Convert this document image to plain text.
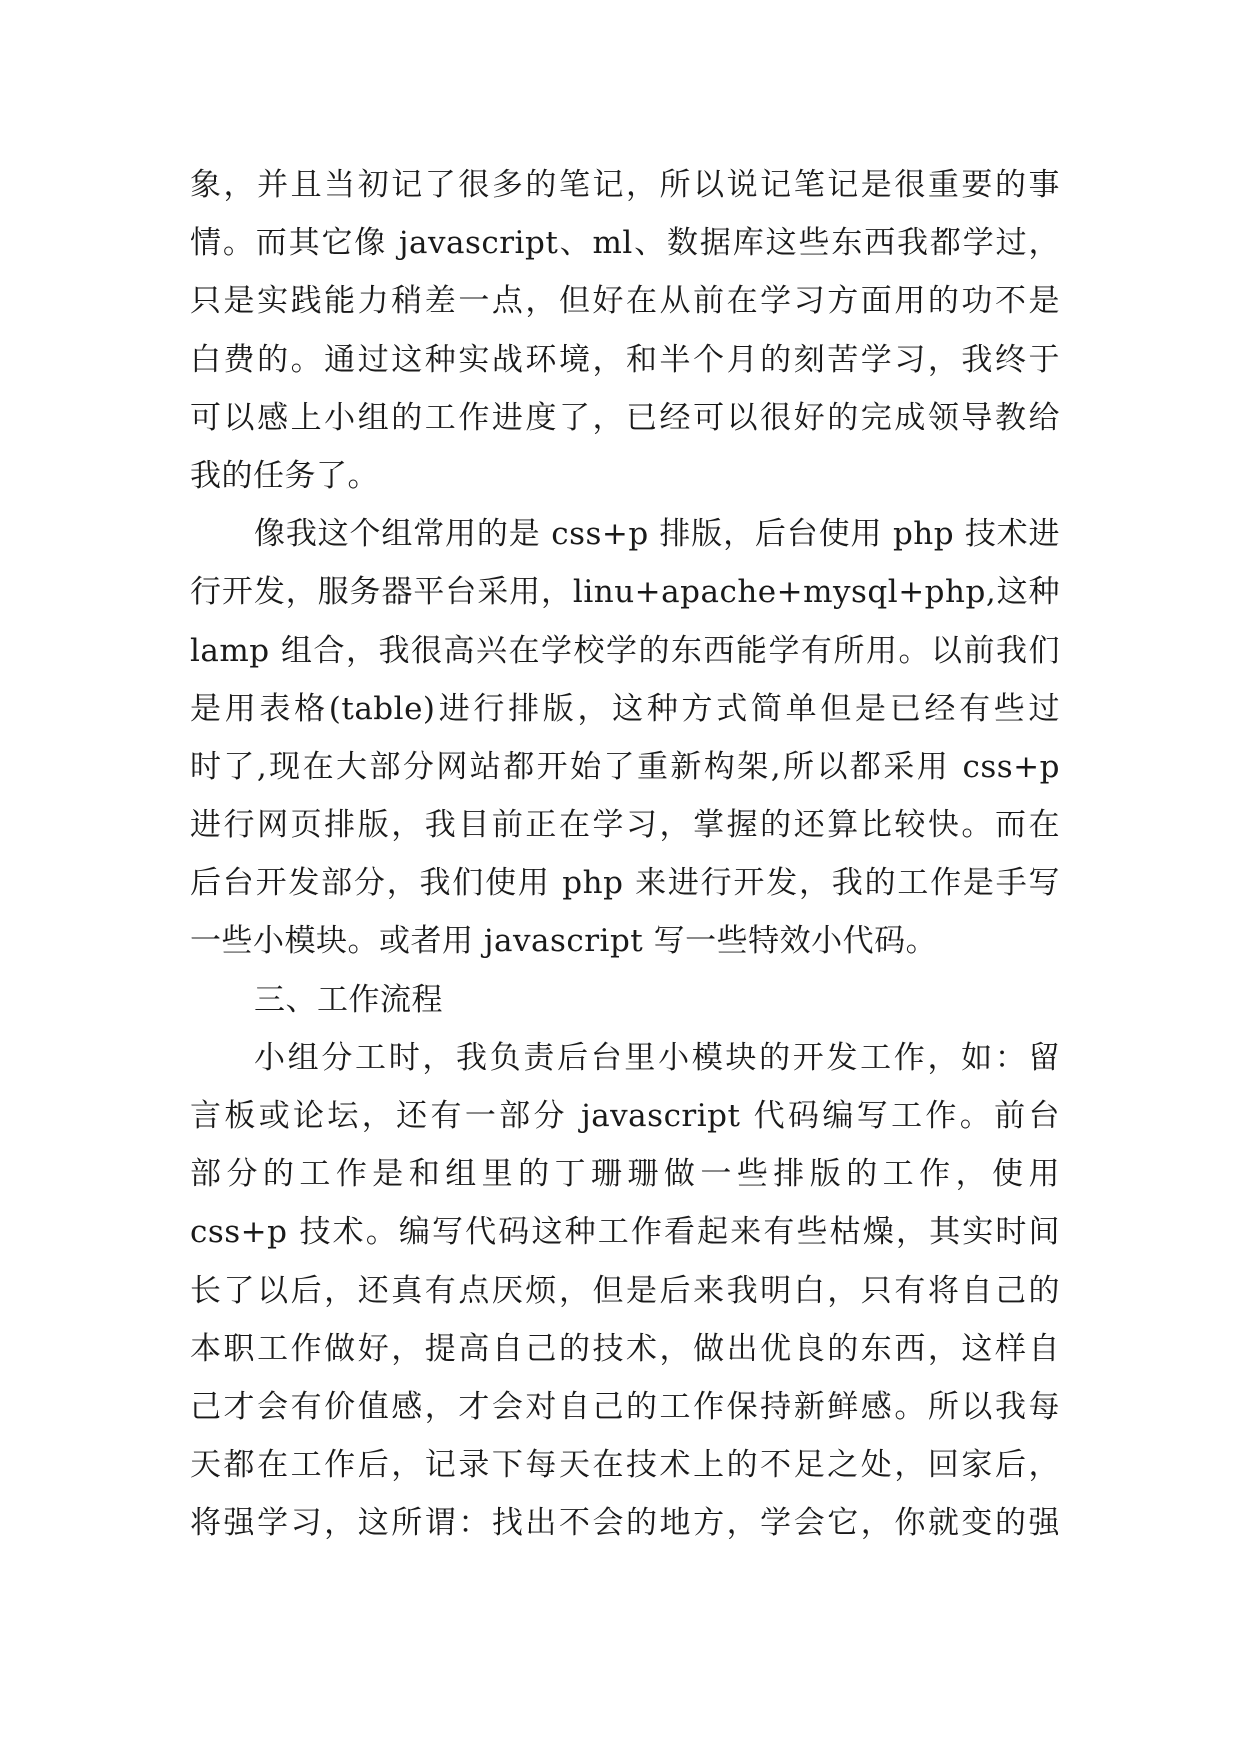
象，并且当初记了很多的笔记，所以说记笔记是很重要的事
情。而其它像 javascript、ml、数据库这些东西我都学过，
只是实践能力稍差一点，但好在从前在学习方面用的功不是
白费的。通过这种实战环境，和半个月的刻苦学习，我终于
可以感上小组的工作进度了，已经可以很好的完成领导教给
我的任务了。
像我这个组常用的是 css+p 排版，后台使用 php 技术进
行开发，服务器平台采用，linu+apache+mysql+php,这种
lamp 组合，我很高兴在学校学的东西能学有所用。以前我们
是用表格(table)进行排版，这种方式简单但是已经有些过
时了,现在大部分网站都开始了重新构架,所以都采用 css+p
进行网页排版，我目前正在学习，掌握的还算比较快。而在
后台开发部分，我们使用 php 来进行开发，我的工作是手写
一些小模块。或者用 javascript 写一些特效小代码。
三、工作流程
小组分工时，我负责后台里小模块的开发工作，如：留
言板或论坛，还有一部分 javascript 代码编写工作。前台
部分的工作是和组里的丁珊珊做一些排版的工作，使用
css+p 技术。编写代码这种工作看起来有些枯燥，其实时间
长了以后，还真有点厌烦，但是后来我明白，只有将自己的
本职工作做好，提高自己的技术，做出优良的东西，这样自
己才会有价值感，才会对自己的工作保持新鲜感。所以我每
天都在工作后，记录下每天在技术上的不足之处，回家后，
将强学习，这所谓：找出不会的地方，学会它，你就变的强
